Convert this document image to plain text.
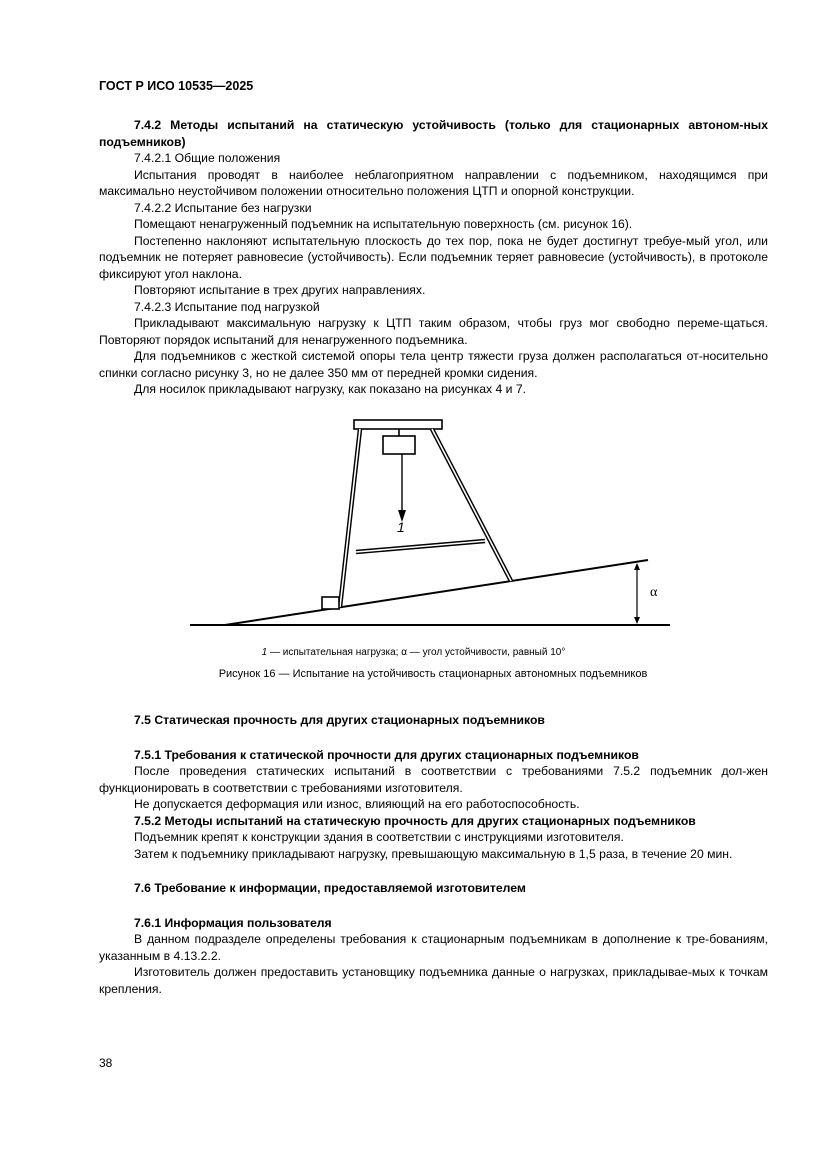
ГОСТ Р ИСО 10535—2025

7.4.2 Методы испытаний на статическую устойчивость (только для стационарных автоном-ных подъемников)

7.4.2.1 Общие положения

Испытания проводят в наиболее неблагоприятном направлении с подъемником, находящимся при максимально неустойчивом положении относительно положения ЦТП и опорной конструкции.

7.4.2.2 Испытание без нагрузки

Помещают ненагруженный подъемник на испытательную поверхность (см. рисунок 16).

Постепенно наклоняют испытательную плоскость до тех пор, пока не будет достигнут требуе-мый угол, или подъемник не потеряет равновесие (устойчивость). Если подъемник теряет равновесие (устойчивость), в протоколе фиксируют угол наклона.

Повторяют испытание в трех других направлениях.

7.4.2.3 Испытание под нагрузкой

Прикладывают максимальную нагрузку к ЦТП таким образом, чтобы груз мог свободно переме-щаться. Повторяют порядок испытаний для ненагруженного подъемника.

Для подъемников с жесткой системой опоры тела центр тяжести груза должен располагаться от-носительно спинки согласно рисунку 3, но не далее 350 мм от передней кромки сидения.

Для носилок прикладывают нагрузку, как показано на рисунках 4 и 7.

1
α
1 — испытательная нагрузка; α — угол устойчивости, равный 10°
Рисунок 16 — Испытание на устойчивость стационарных автономных подъемников

7.5 Статическая прочность для других стационарных подъемников

7.5.1 Требования к статической прочности для других стационарных подъемников

После проведения статических испытаний в соответствии с требованиями 7.5.2 подъемник дол-жен функционировать в соответствии с требованиями изготовителя.

Не допускается деформация или износ, влияющий на его работоспособность.

7.5.2 Методы испытаний на статическую прочность для других стационарных подъемников

Подъемник крепят к конструкции здания в соответствии с инструкциями изготовителя.

Затем к подъемнику прикладывают нагрузку, превышающую максимальную в 1,5 раза, в течение 20 мин.

7.6 Требование к информации, предоставляемой изготовителем

7.6.1 Информация пользователя

В данном подразделе определены требования к стационарным подъемникам в дополнение к тре-бованиям, указанным в 4.13.2.2.

Изготовитель должен предоставить установщику подъемника данные о нагрузках, прикладывае-мых к точкам крепления.

38
